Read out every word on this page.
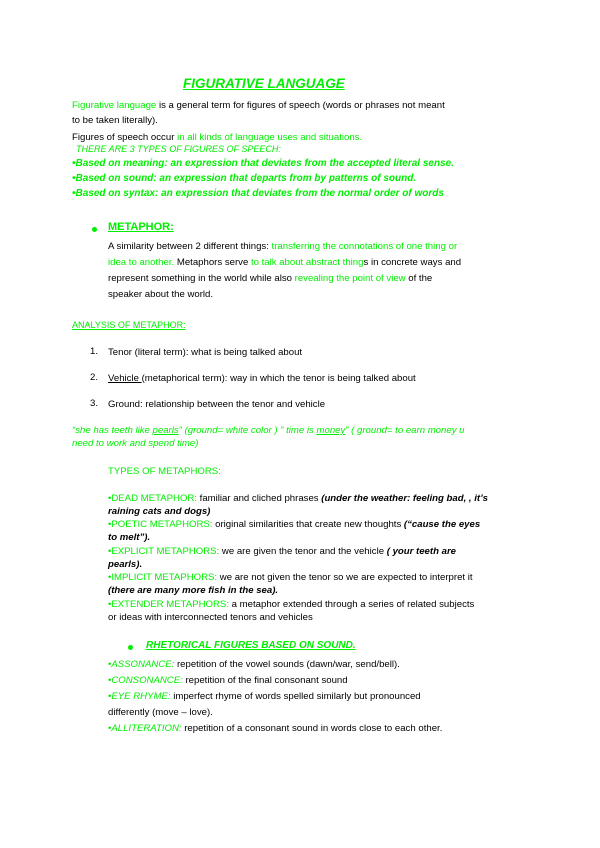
FIGURATIVE LANGUAGE
Figurative language is a general term for figures of speech (words or phrases not meant
to be taken literally).
Figures of speech occur in all kinds of language uses and situations.
THERE ARE 3 TYPES OF FIGURES OF SPEECH:
•Based on meaning: an expression that deviates from the accepted literal sense.
•Based on sound: an expression that departs from by patterns of sound.
•Based on syntax: an expression that deviates from the normal order of words
METAPHOR:
A similarity between 2 different things: transferring the connotations of one thing or
idea to another. Metaphors serve to talk about abstract things in concrete ways and
represent something in the world while also revealing the point of view of the
speaker about the world.
ANALYSIS OF METAPHOR:
1. Tenor (literal term): what is being talked about
2. Vehicle (metaphorical term): way in which the tenor is being talked about
3. Ground: relationship between the tenor and vehicle
“she has teeth like pearls” (ground= white color ) ” time is money” ( ground= to earn money u
need to work and spend time)
TYPES OF METAPHORS:
•DEAD METAPHOR: familiar and cliched phrases (under the weather: feeling bad, , it’s
raining cats and dogs)
•POETIC METAPHORS: original similarities that create new thoughts (“cause the eyes
to melt”).
•EXPLICIT METAPHORS: we are given the tenor and the vehicle ( your teeth are
pearls).
•IMPLICIT METAPHORS: we are not given the tenor so we are expected to interpret it
(there are many more fish in the sea).
•EXTENDER METAPHORS: a metaphor extended through a series of related subjects
or ideas with interconnected tenors and vehicles
RHETORICAL FIGURES BASED ON SOUND.
•ASSONANCE: repetition of the vowel sounds (dawn/war, send/bell).
•CONSONANCE: repetition of the final consonant sound
•EYE RHYME: imperfect rhyme of words spelled similarly but pronounced
differently (move – love).
•ALLITERATION: repetition of a consonant sound in words close to each other.
